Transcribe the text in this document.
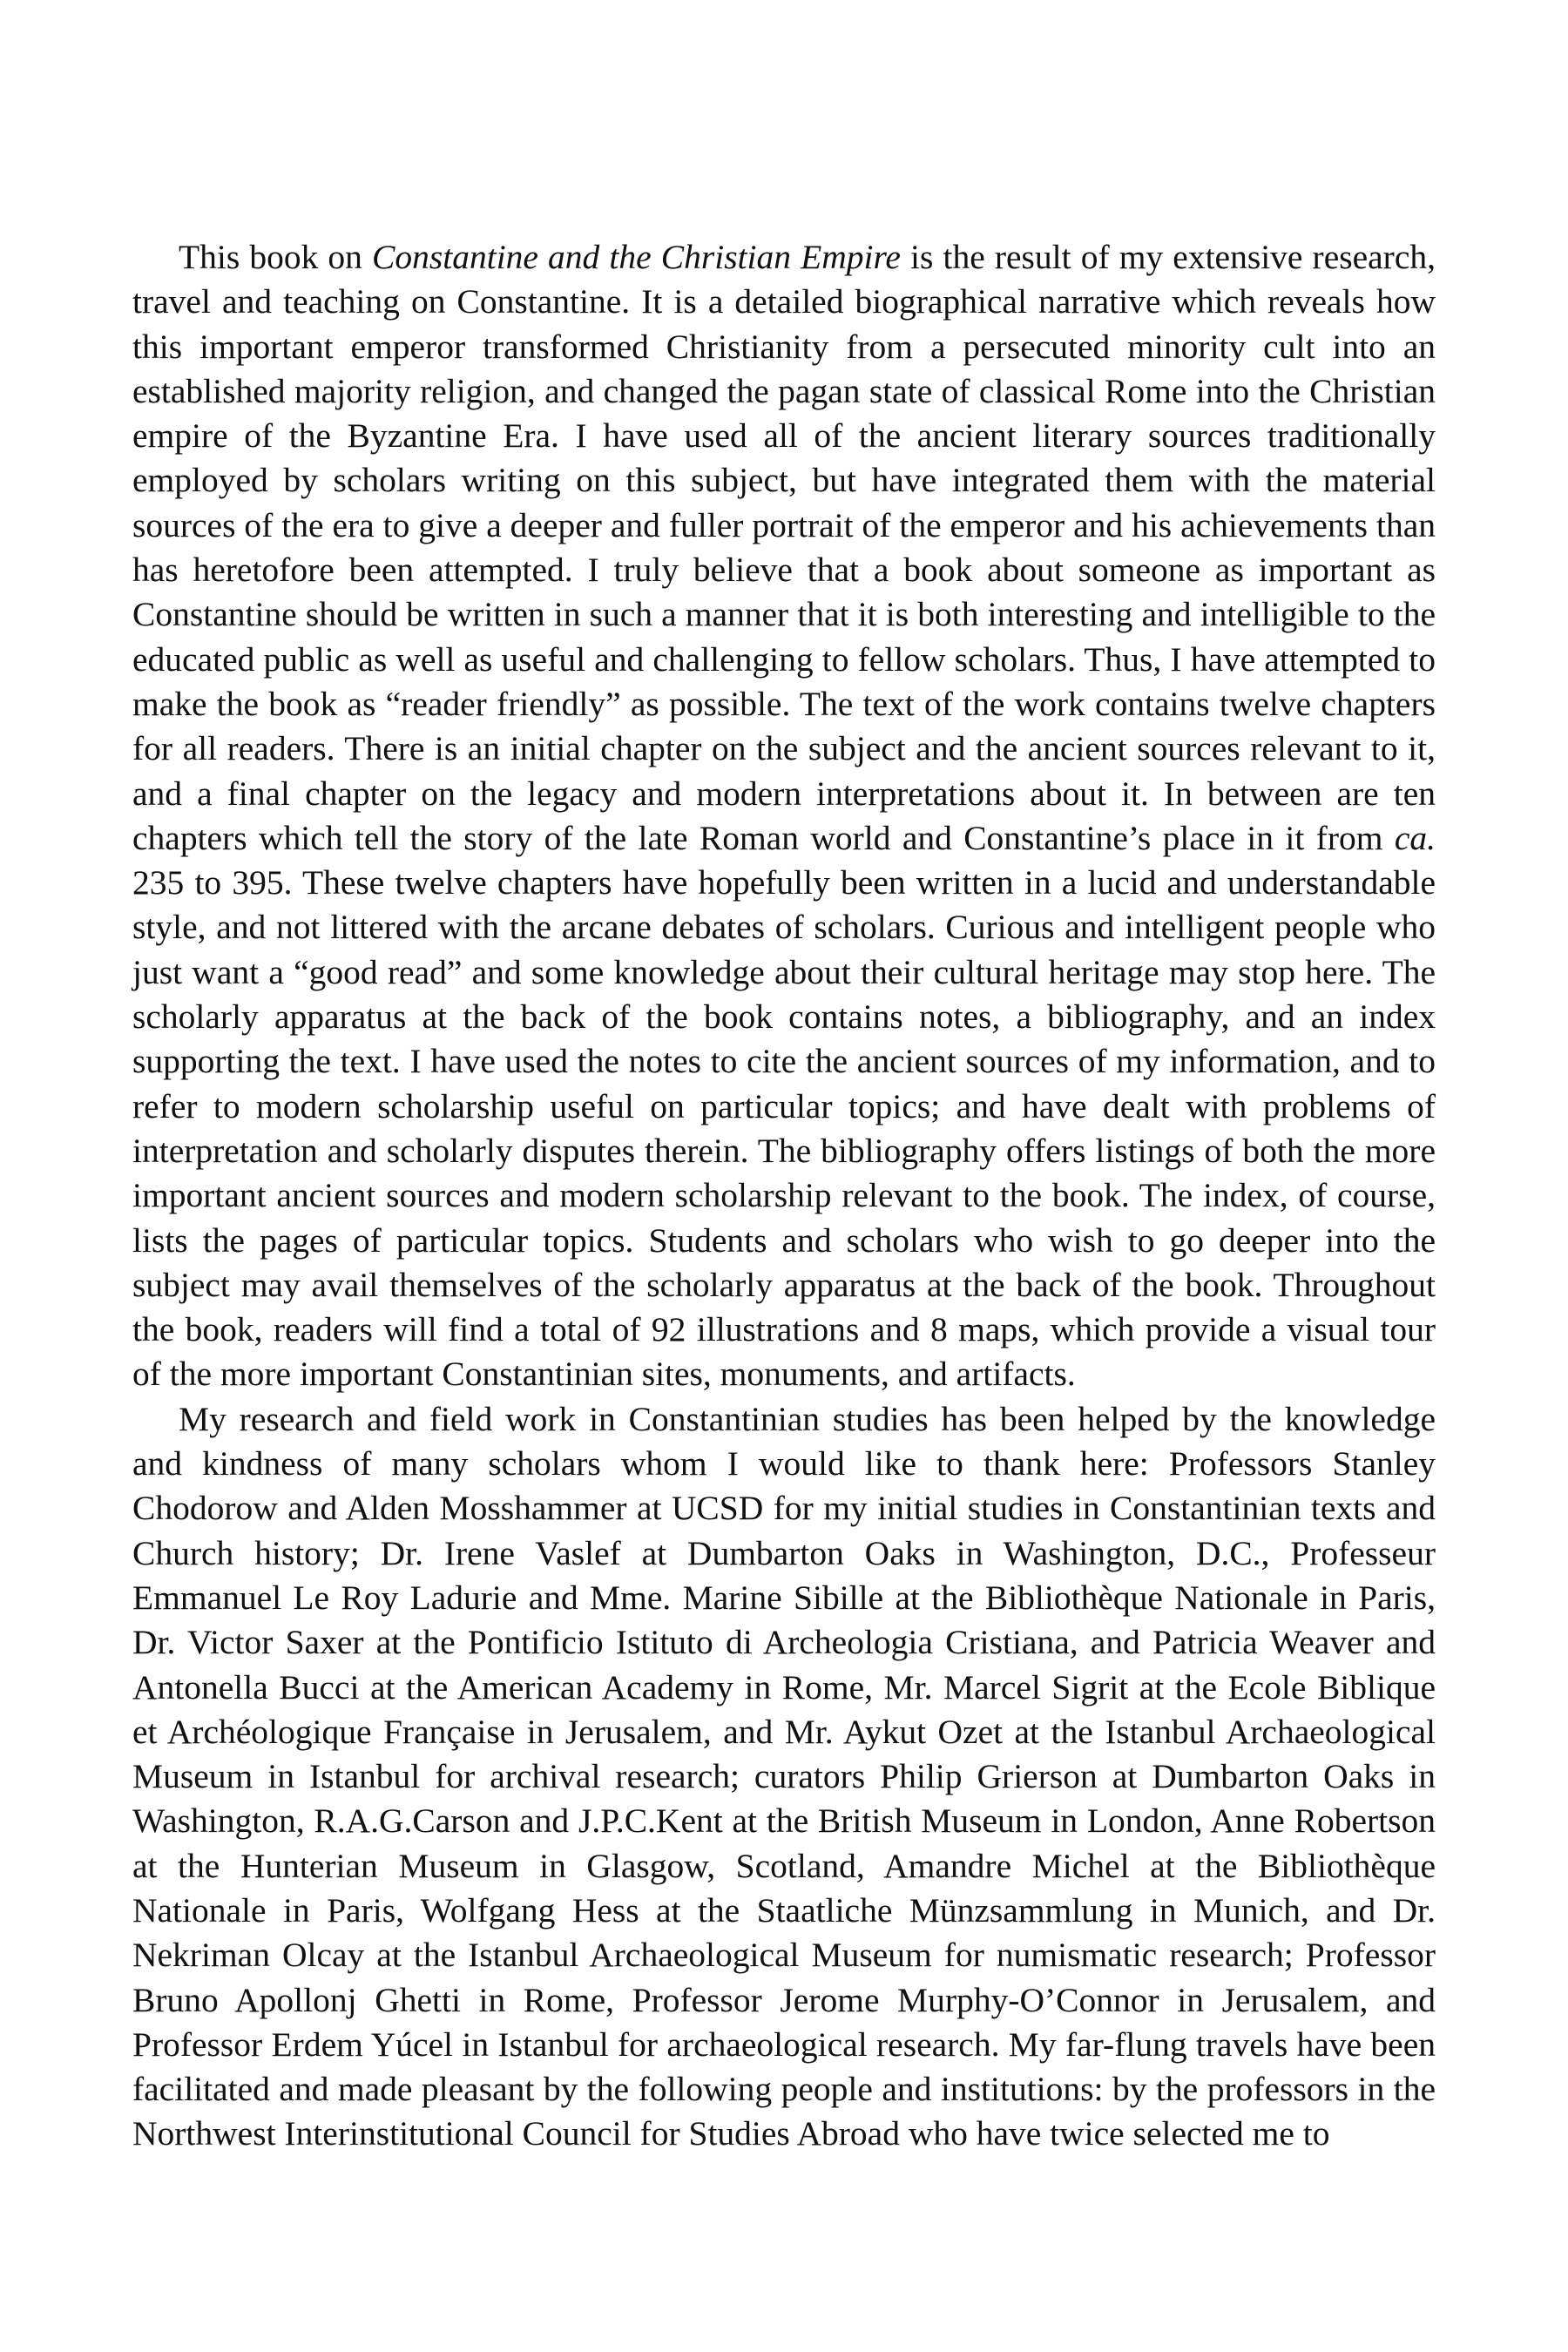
This book on Constantine and the Christian Empire is the result of my extensive research, travel and teaching on Constantine. It is a detailed biographical narrative which reveals how this important emperor transformed Christianity from a persecuted minority cult into an established majority religion, and changed the pagan state of classical Rome into the Christian empire of the Byzantine Era. I have used all of the ancient literary sources traditionally employed by scholars writing on this subject, but have integrated them with the material sources of the era to give a deeper and fuller portrait of the emperor and his achievements than has heretofore been attempted. I truly believe that a book about someone as important as Constantine should be written in such a manner that it is both interesting and intelligible to the educated public as well as useful and challenging to fellow scholars. Thus, I have attempted to make the book as “reader friendly” as possible. The text of the work contains twelve chapters for all readers. There is an initial chapter on the subject and the ancient sources relevant to it, and a final chapter on the legacy and modern interpretations about it. In between are ten chapters which tell the story of the late Roman world and Constantine’s place in it from ca. 235 to 395. These twelve chapters have hopefully been written in a lucid and understandable style, and not littered with the arcane debates of scholars. Curious and intelligent people who just want a “good read” and some knowledge about their cultural heritage may stop here. The scholarly apparatus at the back of the book contains notes, a bibliography, and an index supporting the text. I have used the notes to cite the ancient sources of my information, and to refer to modern scholarship useful on particular topics; and have dealt with problems of interpretation and scholarly disputes therein. The bibliography offers listings of both the more important ancient sources and modern scholarship relevant to the book. The index, of course, lists the pages of particular topics. Students and scholars who wish to go deeper into the subject may avail themselves of the scholarly apparatus at the back of the book. Throughout the book, readers will find a total of 92 illustrations and 8 maps, which provide a visual tour of the more important Constantinian sites, monuments, and artifacts.

My research and field work in Constantinian studies has been helped by the knowledge and kindness of many scholars whom I would like to thank here: Professors Stanley Chodorow and Alden Mosshammer at UCSD for my initial studies in Constantinian texts and Church history; Dr. Irene Vaslef at Dumbarton Oaks in Washington, D.C., Professeur Emmanuel Le Roy Ladurie and Mme. Marine Sibille at the Bibliothèque Nationale in Paris, Dr. Victor Saxer at the Pontificio Istituto di Archeologia Cristiana, and Patricia Weaver and Antonella Bucci at the American Academy in Rome, Mr. Marcel Sigrit at the Ecole Biblique et Archéologique Française in Jerusalem, and Mr. Aykut Ozet at the Istanbul Archaeological Museum in Istanbul for archival research; curators Philip Grierson at Dumbarton Oaks in Washington, R.A.G.Carson and J.P.C.Kent at the British Museum in London, Anne Robertson at the Hunterian Museum in Glasgow, Scotland, Amandre Michel at the Bibliothèque Nationale in Paris, Wolfgang Hess at the Staatliche Münzsammlung in Munich, and Dr. Nekriman Olcay at the Istanbul Archaeological Museum for numismatic research; Professor Bruno Apollonj Ghetti in Rome, Professor Jerome Murphy-O’Connor in Jerusalem, and Professor Erdem Yúcel in Istanbul for archaeological research. My far-flung travels have been facilitated and made pleasant by the following people and institutions: by the professors in the Northwest Interinstitutional Council for Studies Abroad who have twice selected me to
